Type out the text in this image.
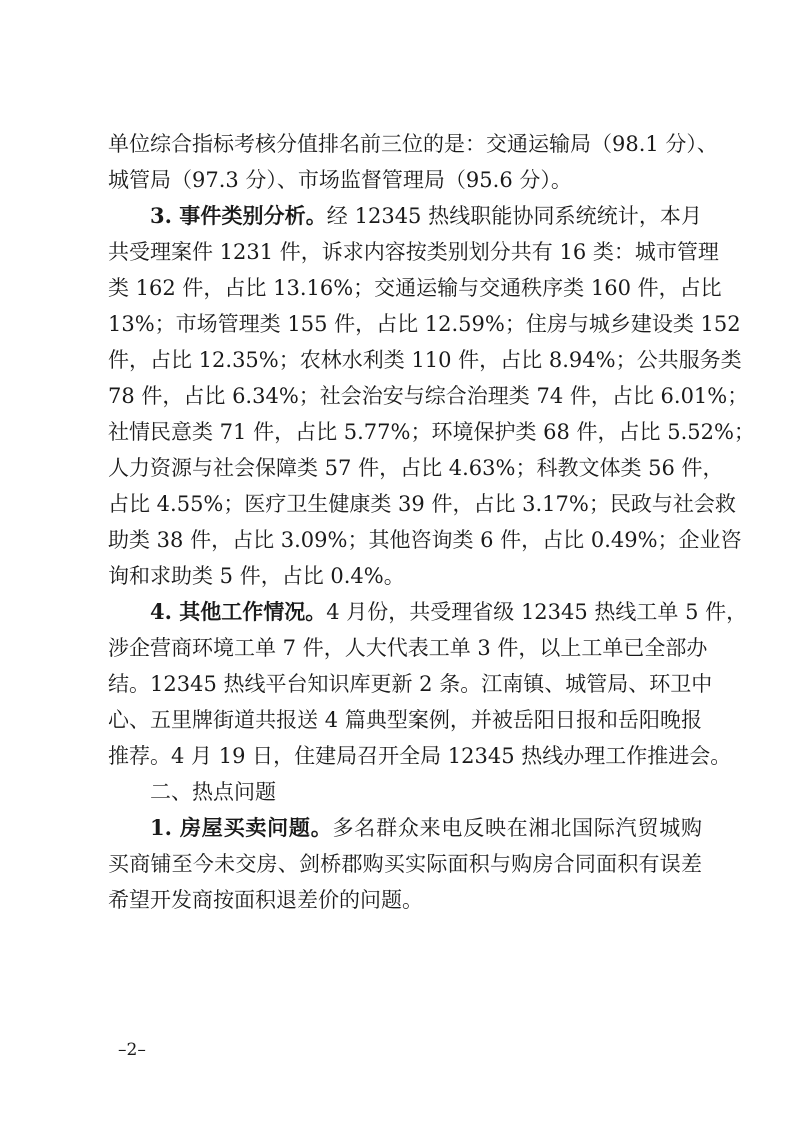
单位综合指标考核分值排名前三位的是：交通运输局（98.1 分）、
城管局（97.3 分）、市场监督管理局（95.6 分）。
3. 事件类别分析。经 12345 热线职能协同系统统计，本月
共受理案件 1231 件，诉求内容按类别划分共有 16 类：城市管理
类 162 件，占比 13.16%；交通运输与交通秩序类 160 件，占比
13%；市场管理类 155 件，占比 12.59%；住房与城乡建设类 152
件，占比 12.35%；农林水利类 110 件，占比 8.94%；公共服务类
78 件，占比 6.34%；社会治安与综合治理类 74 件，占比 6.01%；
社情民意类 71 件，占比 5.77%；环境保护类 68 件，占比 5.52%；
人力资源与社会保障类 57 件，占比 4.63%；科教文体类 56 件，
占比 4.55%；医疗卫生健康类 39 件，占比 3.17%；民政与社会救
助类 38 件，占比 3.09%；其他咨询类 6 件，占比 0.49%；企业咨
询和求助类 5 件，占比 0.4%。
4. 其他工作情况。4 月份，共受理省级 12345 热线工单 5 件，
涉企营商环境工单 7 件，人大代表工单 3 件，以上工单已全部办
结。12345 热线平台知识库更新 2 条。江南镇、城管局、环卫中
心、五里牌街道共报送 4 篇典型案例，并被岳阳日报和岳阳晚报
推荐。4 月 19 日，住建局召开全局 12345 热线办理工作推进会。
二、热点问题
1. 房屋买卖问题。多名群众来电反映在湘北国际汽贸城购
买商铺至今未交房、剑桥郡购买实际面积与购房合同面积有误差
希望开发商按面积退差价的问题。
–2–
